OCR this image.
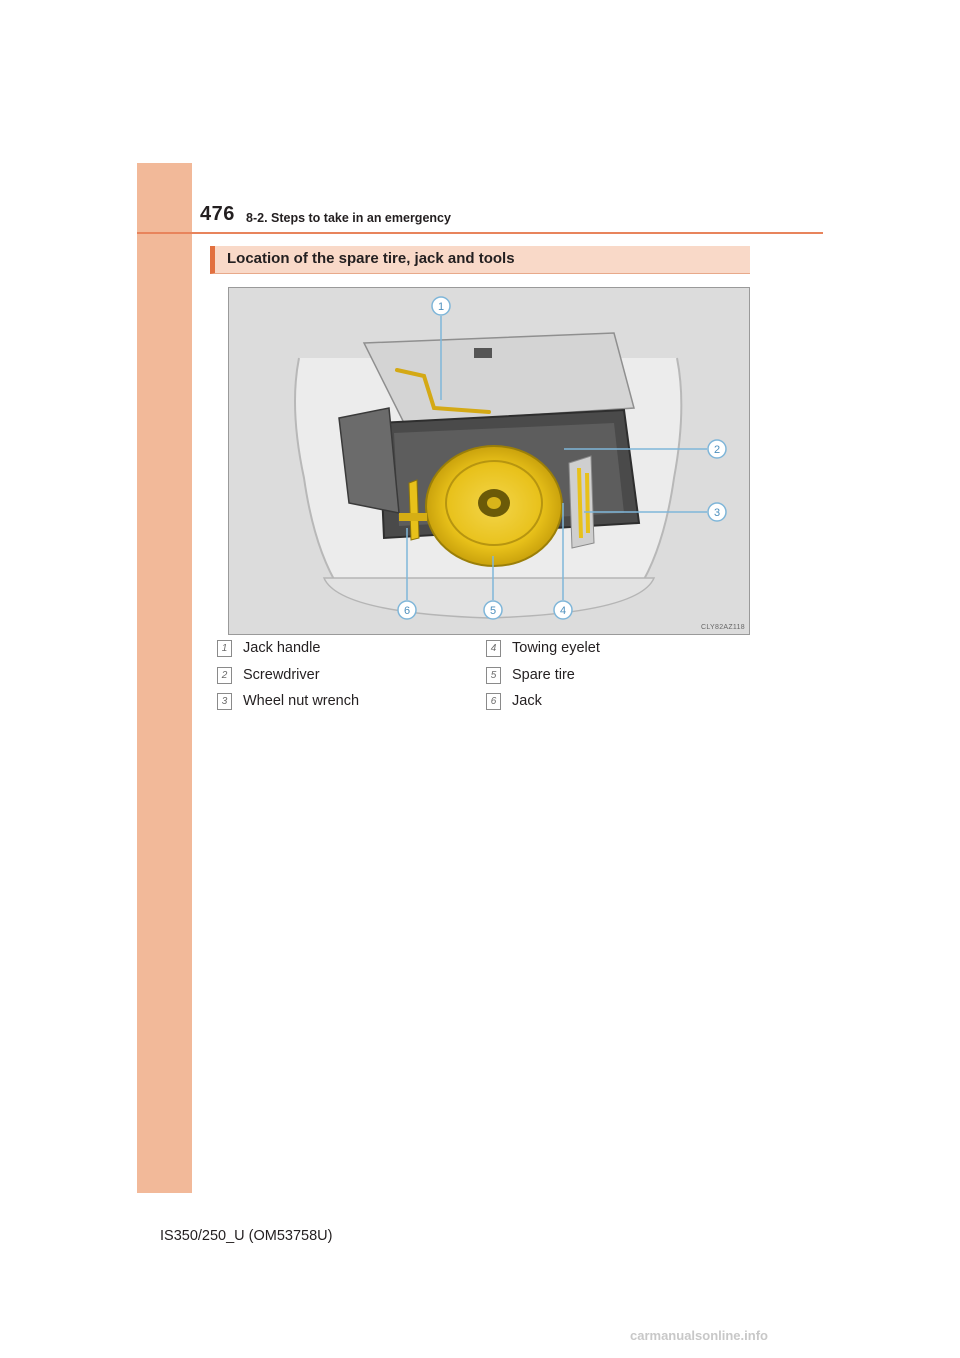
476 8-2. Steps to take in an emergency
Location of the spare tire, jack and tools
1
2
3
4
5
6
CLY82AZ118
1	Jack handle
2	Screwdriver
3	Wheel nut wrench
4	Towing eyelet
5	Spare tire
6	Jack
IS350/250_U (OM53758U)
carmanualsonline.info
